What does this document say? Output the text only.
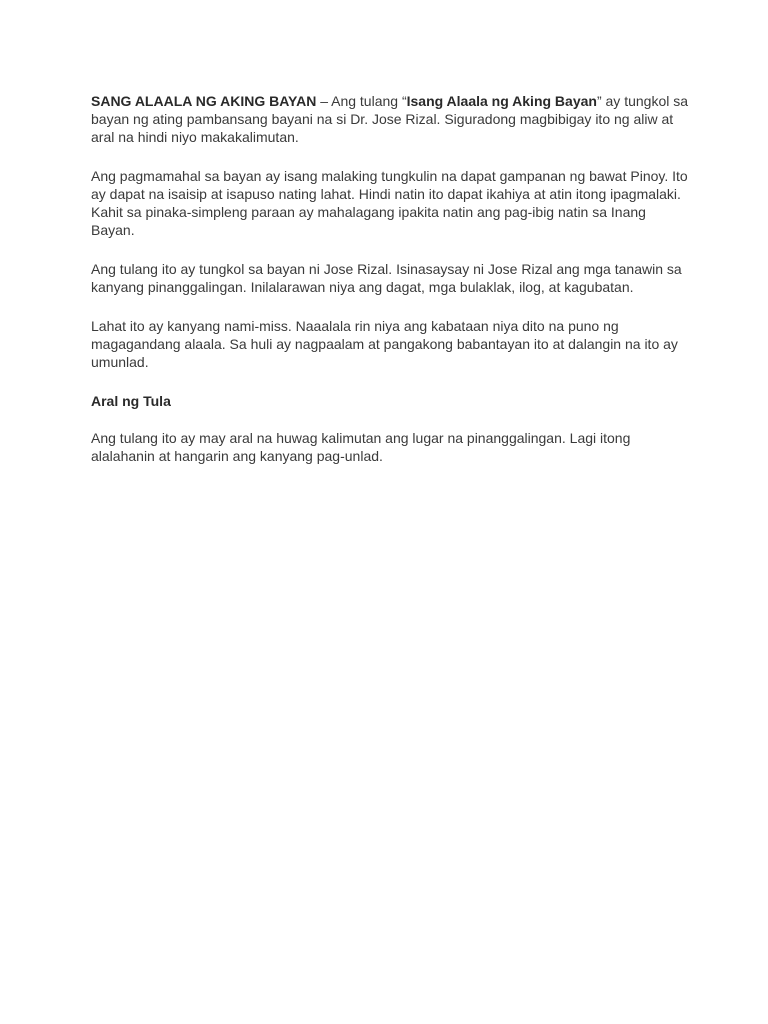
SANG ALAALA NG AKING BAYAN – Ang tulang “Isang Alaala ng Aking Bayan” ay tungkol sa bayan ng ating pambansang bayani na si Dr. Jose Rizal. Siguradong magbibigay ito ng aliw at aral na hindi niyo makakalimutan.

Ang pagmamahal sa bayan ay isang malaking tungkulin na dapat gampanan ng bawat Pinoy. Ito ay dapat na isaisip at isapuso nating lahat. Hindi natin ito dapat ikahiya at atin itong ipagmalaki. Kahit sa pinaka-simpleng paraan ay mahalagang ipakita natin ang pag-ibig natin sa Inang Bayan.

Ang tulang ito ay tungkol sa bayan ni Jose Rizal. Isinasaysay ni Jose Rizal ang mga tanawin sa kanyang pinanggalingan. Inilalarawan niya ang dagat, mga bulaklak, ilog, at kagubatan.

Lahat ito ay kanyang nami-miss. Naaalala rin niya ang kabataan niya dito na puno ng magagandang alaala. Sa huli ay nagpaalam at pangakong babantayan ito at dalangin na ito ay umunlad.

Aral ng Tula

Ang tulang ito ay may aral na huwag kalimutan ang lugar na pinanggalingan. Lagi itong alalahanin at hangarin ang kanyang pag-unlad.
